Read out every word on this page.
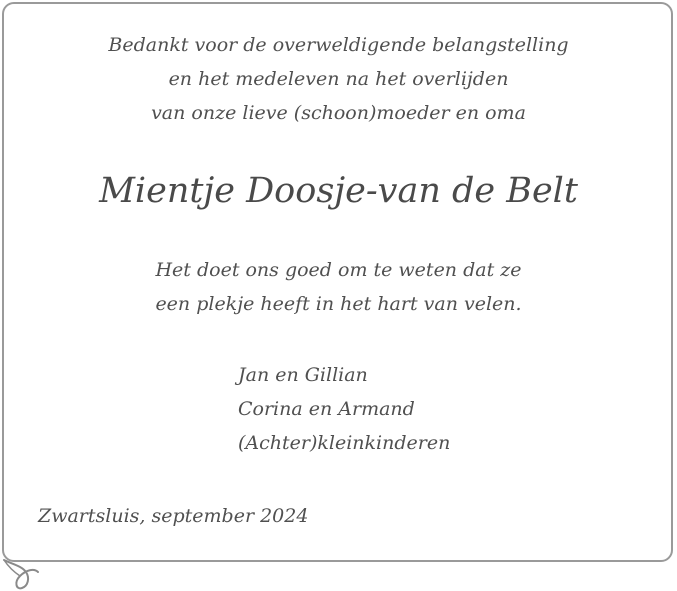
Bedankt voor de overweldigende belangstelling
en het medeleven na het overlijden
van onze lieve (schoon)moeder en oma
Mientje Doosje-van de Belt
Het doet ons goed om te weten dat ze
een plekje heeft in het hart van velen.
Jan en Gillian
Corina en Armand
(Achter)kleinkinderen
Zwartsluis, september 2024
